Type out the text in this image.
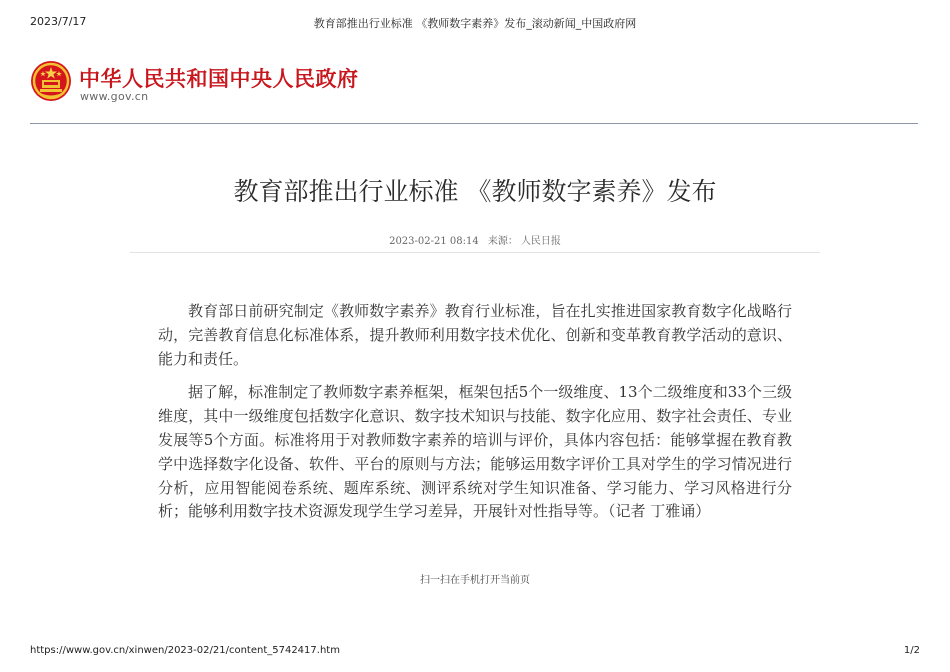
2023/7/17	教育部推出行业标准 《教师数字素养》发布_滚动新闻_中国政府网
中华人民共和国中央人民政府
www.gov.cn
教育部推出行业标准 《教师数字素养》发布
2023-02-21 08:14 来源： 人民日报

教育部日前研究制定《教师数字素养》教育行业标准，旨在扎实推进国家教育数字化战略行动，完善教育信息化标准体系，提升教师利用数字技术优化、创新和变革教育教学活动的意识、能力和责任。

据了解，标准制定了教师数字素养框架，框架包括5个一级维度、13个二级维度和33个三级维度，其中一级维度包括数字化意识、数字技术知识与技能、数字化应用、数字社会责任、专业发展等5个方面。标准将用于对教师数字素养的培训与评价，具体内容包括：能够掌握在教育教学中选择数字化设备、软件、平台的原则与方法；能够运用数字评价工具对学生的学习情况进行分析，应用智能阅卷系统、题库系统、测评系统对学生知识准备、学习能力、学习风格进行分析；能够利用数字技术资源发现学生学习差异，开展针对性指导等。（记者 丁雅诵）

扫一扫在手机打开当前页
https://www.gov.cn/xinwen/2023-02/21/content_5742417.htm	1/2
